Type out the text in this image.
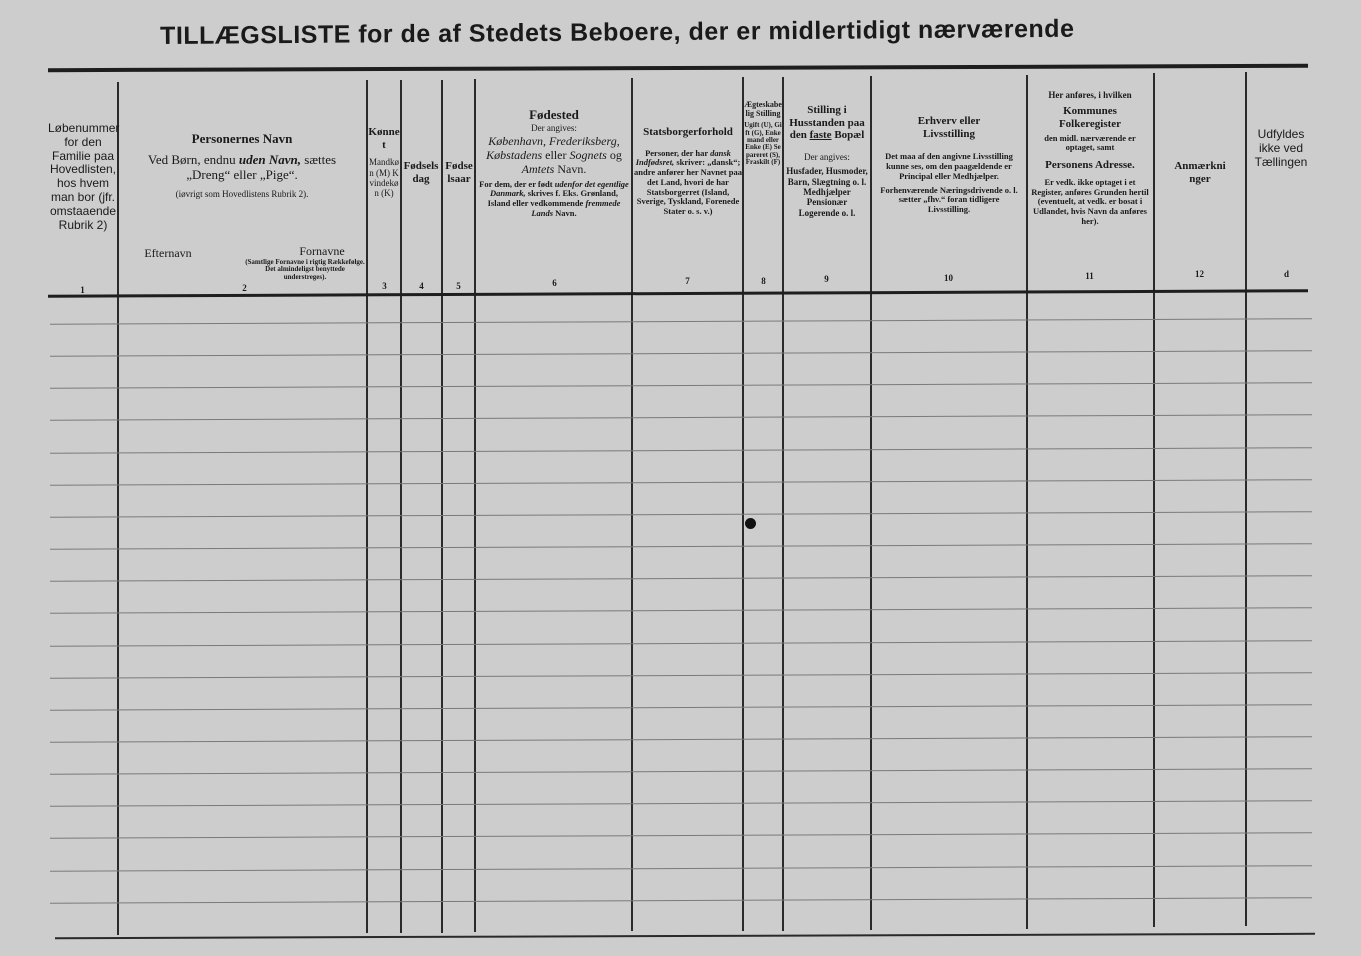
TILLÆGSLISTE for de af Stedets Beboere, der er midlertidigt nærværende
Løbenummer for den Familie paa Hovedlisten, hos hvem man bor (jfr. omstaaende Rubrik 2)
1
Personernes Navn
Ved Børn, endnu uden Navn, sættes
„Dreng“ eller „Pige“.
(iøvrigt som Hovedlistens Rubrik 2).
Efternavn	Fornavne
(Samtlige Fornavne i rigtig Rækkefølge. Det almindeligst benyttede understreges).
2
Kønnet
Mandkøn (M) Kvindekøn (K)
3
Fødselsdag
4
Fødselsaar
5
Fødested
Der angives:
København, Frederiksberg, Købstadens eller Sognets og Amtets Navn.
For dem, der er født udenfor det egentlige Danmark, skrives f. Eks. Grønland, Island eller vedkommende fremmede Lands Navn.
6
Statsborgerforhold
Personer, der har dansk Indfødsret, skriver: „dansk“; andre anfører her Navnet paa det Land, hvori de har Statsborgerret (Island, Sverige, Tyskland, Forenede Stater o. s. v.)
7
Ægteskabelig Stilling
Ugift (U), Gift (G), Enkemand eller Enke (E) Separeret (S), Fraskilt (F)
8
Stilling i Husstanden paa den faste Bopæl
Der angives:
Husfader, Husmoder, Barn, Slægtning o. l. Medhjælper Pensionær Logerende o. l.
9
Erhverv eller Livsstilling
Det maa af den angivne Livsstilling kunne ses, om den paagældende er Principal eller Medhjælper.
Forhenværende Næringsdrivende o. l. sætter „fhv.“ foran tidligere Livsstilling.
10
Her anføres, i hvilken
Kommunes Folkeregister
den midl. nærværende er optaget, samt
Personens Adresse.
Er vedk. ikke optaget i et Register, anføres Grunden hertil (eventuelt, at vedk. er bosat i Udlandet, hvis Navn da anføres her).
11
Anmærkninger
12
Udfyldes ikke ved Tællingen
d
